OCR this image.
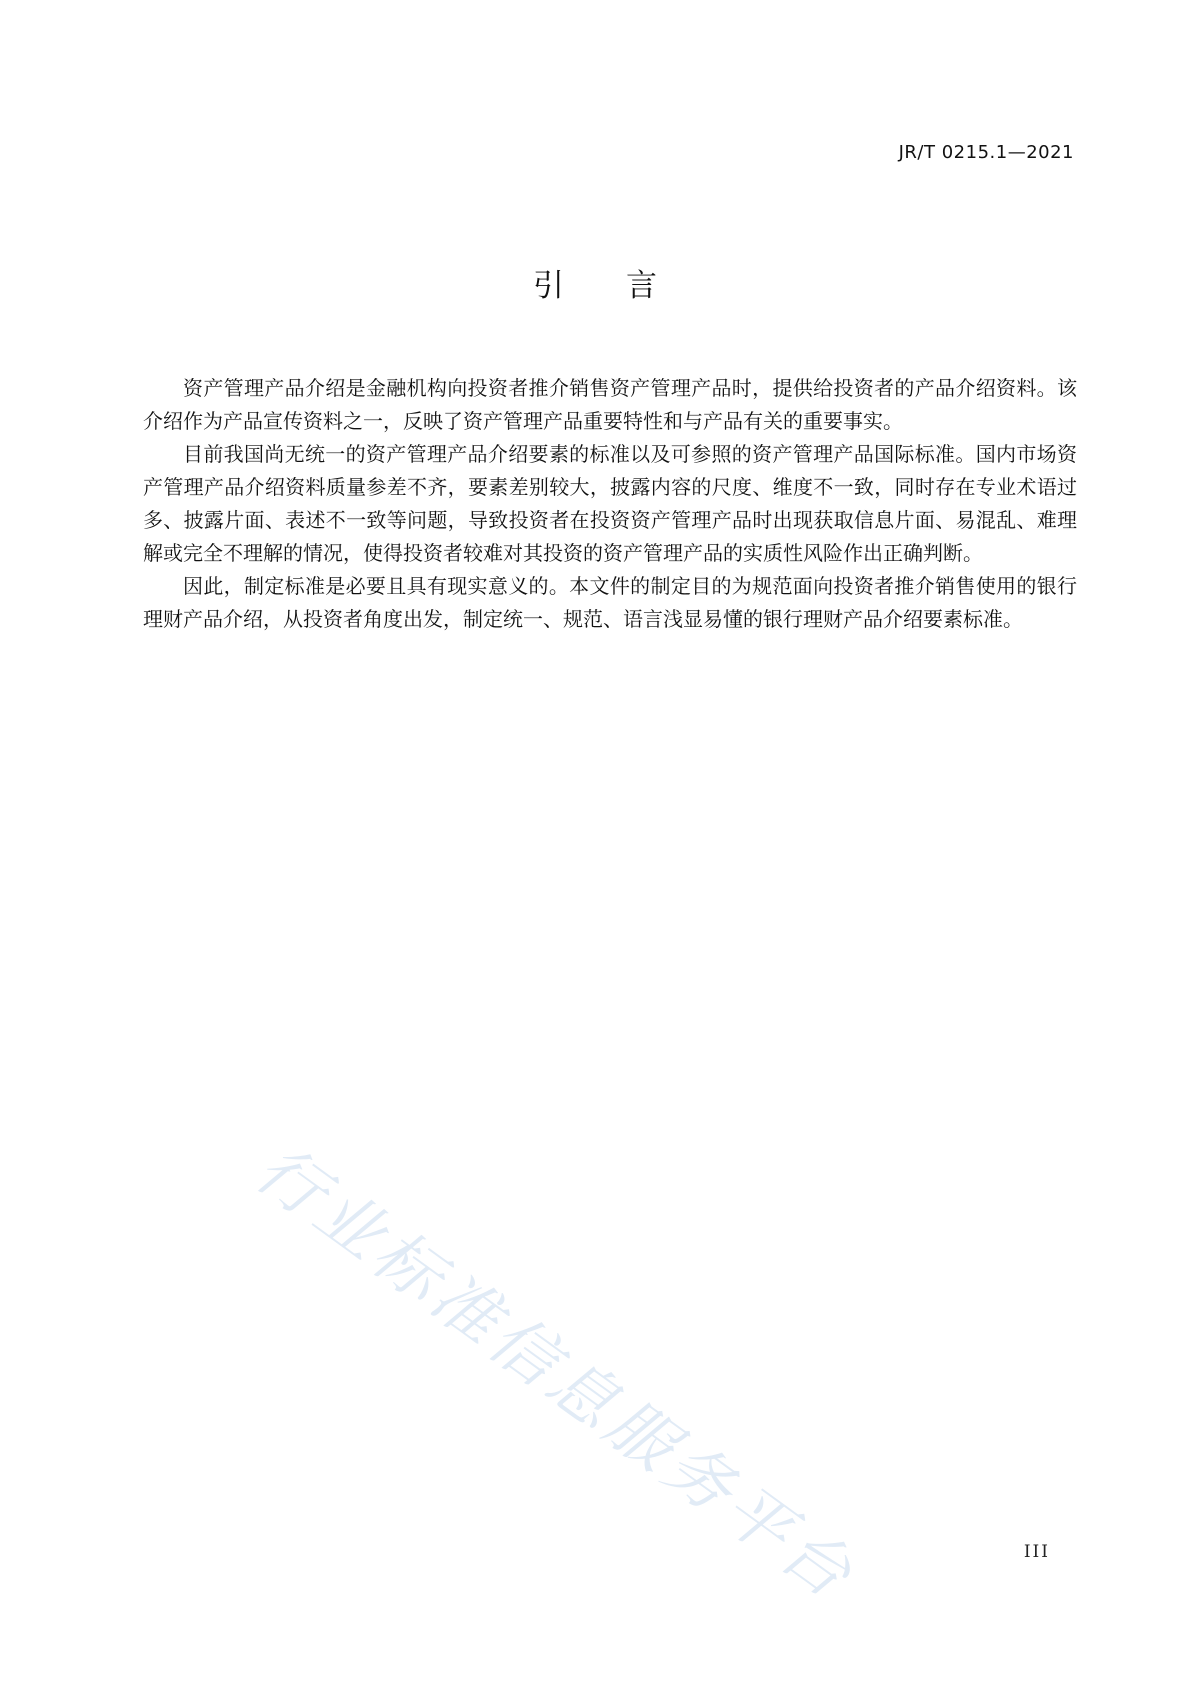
JR/T 0215.1—2021
引 言

资产管理产品介绍是金融机构向投资者推介销售资产管理产品时，提供给投资者的产品介绍资料。该介绍作为产品宣传资料之一，反映了资产管理产品重要特性和与产品有关的重要事实。

目前我国尚无统一的资产管理产品介绍要素的标准以及可参照的资产管理产品国际标准。国内市场资产管理产品介绍资料质量参差不齐，要素差别较大，披露内容的尺度、维度不一致，同时存在专业术语过多、披露片面、表述不一致等问题，导致投资者在投资资产管理产品时出现获取信息片面、易混乱、难理解或完全不理解的情况，使得投资者较难对其投资的资产管理产品的实质性风险作出正确判断。

因此，制定标准是必要且具有现实意义的。本文件的制定目的为规范面向投资者推介销售使用的银行理财产品介绍，从投资者角度出发，制定统一、规范、语言浅显易懂的银行理财产品介绍要素标准。

行业标准信息服务平台	III
